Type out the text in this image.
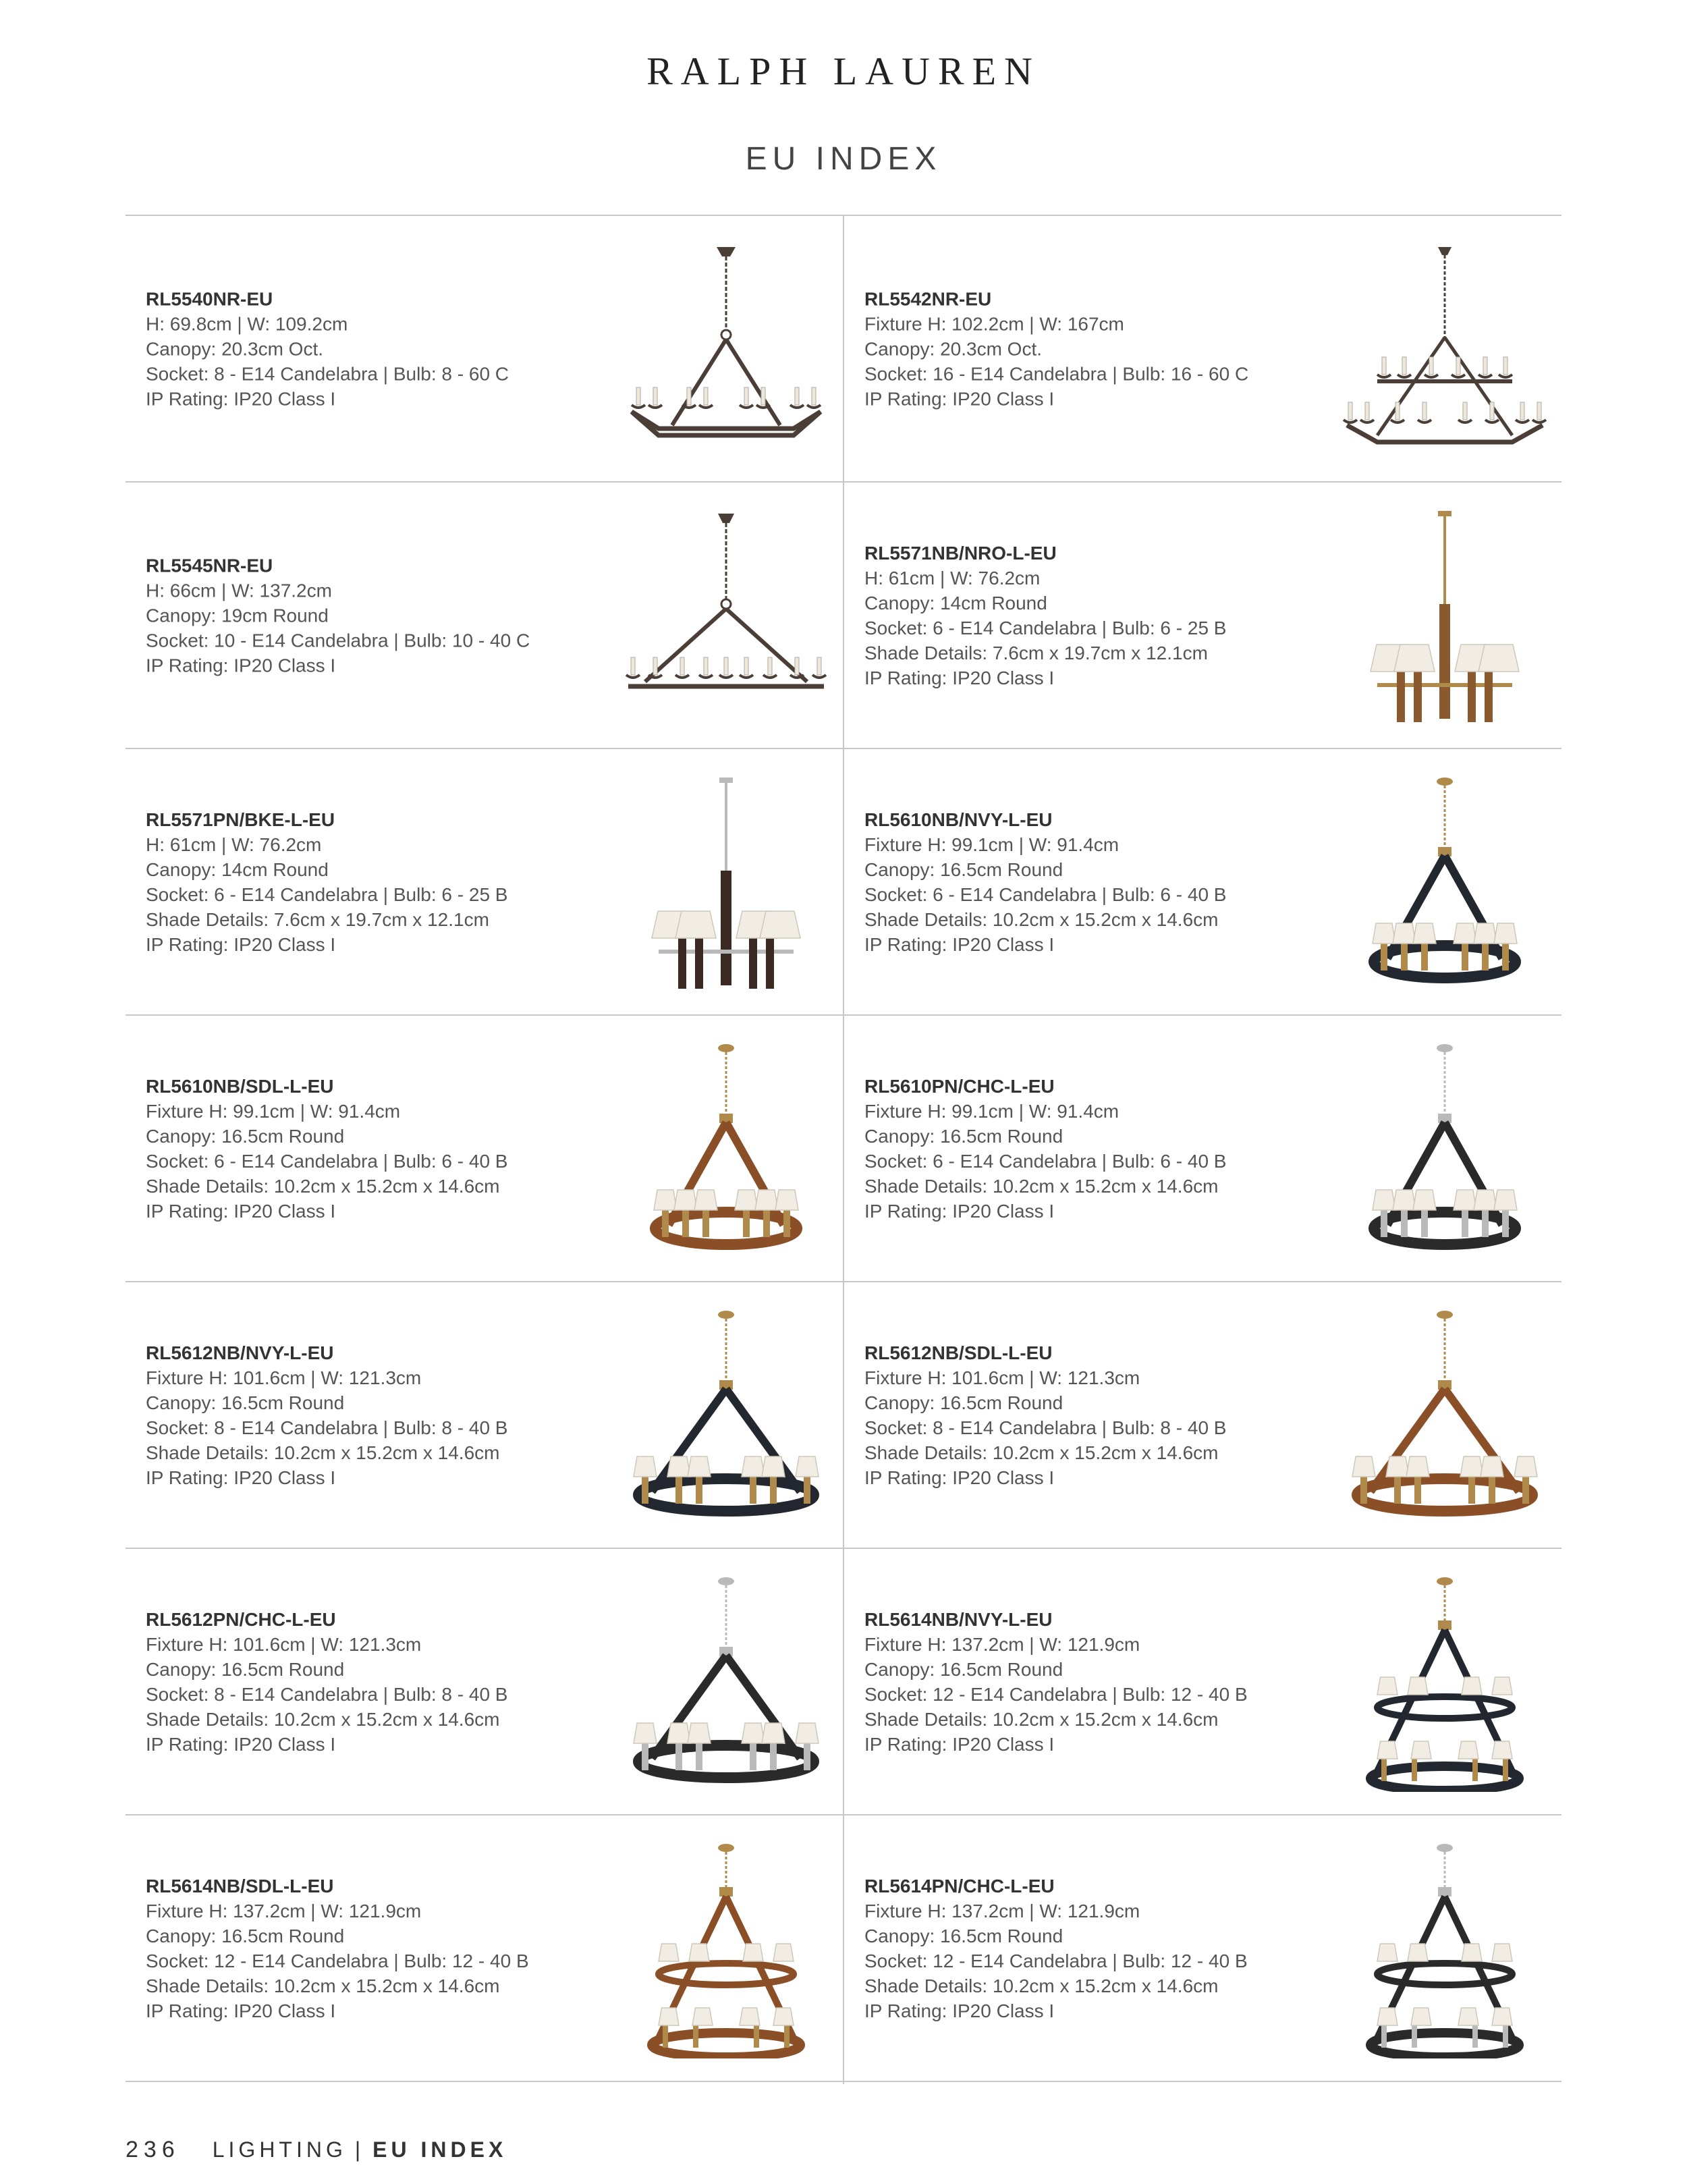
RALPH LAUREN
EU INDEX
RL5540NR-EU
H: 69.8cm | W: 109.2cm
Canopy: 20.3cm Oct.
Socket: 8 - E14 Candelabra | Bulb: 8 - 60 C
IP Rating: IP20 Class I
RL5542NR-EU
Fixture H: 102.2cm | W: 167cm
Canopy: 20.3cm Oct.
Socket: 16 - E14 Candelabra | Bulb: 16 - 60 C
IP Rating: IP20 Class I
RL5545NR-EU
H: 66cm | W: 137.2cm
Canopy: 19cm Round
Socket: 10 - E14 Candelabra | Bulb: 10 - 40 C
IP Rating: IP20 Class I
RL5571NB/NRO-L-EU
H: 61cm | W: 76.2cm
Canopy: 14cm Round
Socket: 6 - E14 Candelabra | Bulb: 6 - 25 B
Shade Details: 7.6cm x 19.7cm x 12.1cm
IP Rating: IP20 Class I
RL5571PN/BKE-L-EU
H: 61cm | W: 76.2cm
Canopy: 14cm Round
Socket: 6 - E14 Candelabra | Bulb: 6 - 25 B
Shade Details: 7.6cm x 19.7cm x 12.1cm
IP Rating: IP20 Class I
RL5610NB/NVY-L-EU
Fixture H: 99.1cm | W: 91.4cm
Canopy: 16.5cm Round
Socket: 6 - E14 Candelabra | Bulb: 6 - 40 B
Shade Details: 10.2cm x 15.2cm x 14.6cm
IP Rating: IP20 Class I
RL5610NB/SDL-L-EU
Fixture H: 99.1cm | W: 91.4cm
Canopy: 16.5cm Round
Socket: 6 - E14 Candelabra | Bulb: 6 - 40 B
Shade Details: 10.2cm x 15.2cm x 14.6cm
IP Rating: IP20 Class I
RL5610PN/CHC-L-EU
Fixture H: 99.1cm | W: 91.4cm
Canopy: 16.5cm Round
Socket: 6 - E14 Candelabra | Bulb: 6 - 40 B
Shade Details: 10.2cm x 15.2cm x 14.6cm
IP Rating: IP20 Class I
RL5612NB/NVY-L-EU
Fixture H: 101.6cm | W: 121.3cm
Canopy: 16.5cm Round
Socket: 8 - E14 Candelabra | Bulb: 8 - 40 B
Shade Details: 10.2cm x 15.2cm x 14.6cm
IP Rating: IP20 Class I
RL5612NB/SDL-L-EU
Fixture H: 101.6cm | W: 121.3cm
Canopy: 16.5cm Round
Socket: 8 - E14 Candelabra | Bulb: 8 - 40 B
Shade Details: 10.2cm x 15.2cm x 14.6cm
IP Rating: IP20 Class I
RL5612PN/CHC-L-EU
Fixture H: 101.6cm | W: 121.3cm
Canopy: 16.5cm Round
Socket: 8 - E14 Candelabra | Bulb: 8 - 40 B
Shade Details: 10.2cm x 15.2cm x 14.6cm
IP Rating: IP20 Class I
RL5614NB/NVY-L-EU
Fixture H: 137.2cm | W: 121.9cm
Canopy: 16.5cm Round
Socket: 12 - E14 Candelabra | Bulb: 12 - 40 B
Shade Details: 10.2cm x 15.2cm x 14.6cm
IP Rating: IP20 Class I
RL5614NB/SDL-L-EU
Fixture H: 137.2cm | W: 121.9cm
Canopy: 16.5cm Round
Socket: 12 - E14 Candelabra | Bulb: 12 - 40 B
Shade Details: 10.2cm x 15.2cm x 14.6cm
IP Rating: IP20 Class I
RL5614PN/CHC-L-EU
Fixture H: 137.2cm | W: 121.9cm
Canopy: 16.5cm Round
Socket: 12 - E14 Candelabra | Bulb: 12 - 40 B
Shade Details: 10.2cm x 15.2cm x 14.6cm
IP Rating: IP20 Class I
236 LIGHTING | EU INDEX
